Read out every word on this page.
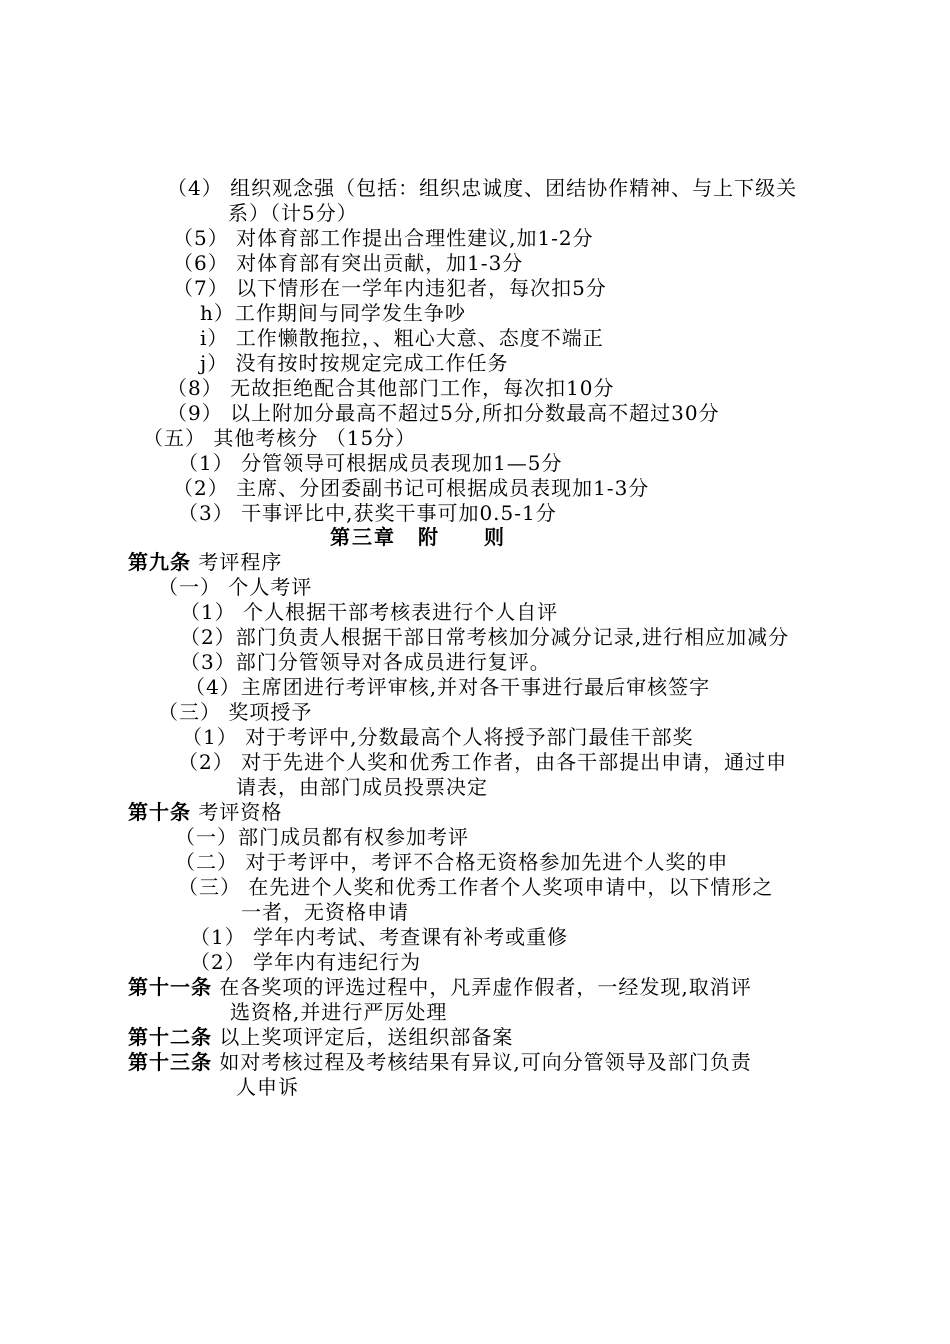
（4） 组织观念强（包括：组织忠诚度、团结协作精神、与上下级关
系）（计5分）
（5） 对体育部工作提出合理性建议,加1-2分
（6） 对体育部有突出贡献，加1-3分
（7） 以下情形在一学年内违犯者，每次扣5分
h）工作期间与同学发生争吵
i） 工作懒散拖拉，、粗心大意、态度不端正
j） 没有按时按规定完成工作任务
（8） 无故拒绝配合其他部门工作，每次扣10分
（9） 以上附加分最高不超过5分,所扣分数最高不超过30分
（五） 其他考核分 （15分）
（1） 分管领导可根据成员表现加1—5分
（2） 主席、分团委副书记可根据成员表现加1-3分
（3） 干事评比中,获奖干事可加0.5-1分
第三章　附　　则
第九条 考评程序
（一） 个人考评
（1） 个人根据干部考核表进行个人自评
（2）部门负责人根据干部日常考核加分减分记录,进行相应加减分
（3）部门分管领导对各成员进行复评。
（4）主席团进行考评审核,并对各干事进行最后审核签字
（三） 奖项授予
（1） 对于考评中,分数最高个人将授予部门最佳干部奖
（2） 对于先进个人奖和优秀工作者，由各干部提出申请，通过申
请表，由部门成员投票决定
第十条 考评资格
（一）部门成员都有权参加考评
（二） 对于考评中，考评不合格无资格参加先进个人奖的申
（三） 在先进个人奖和优秀工作者个人奖项申请中，以下情形之
一者，无资格申请
（1） 学年内考试、考查课有补考或重修
（2） 学年内有违纪行为
第十一条 在各奖项的评选过程中，凡弄虚作假者，一经发现,取消评
选资格,并进行严厉处理
第十二条 以上奖项评定后，送组织部备案
第十三条 如对考核过程及考核结果有异议,可向分管领导及部门负责
人申诉
